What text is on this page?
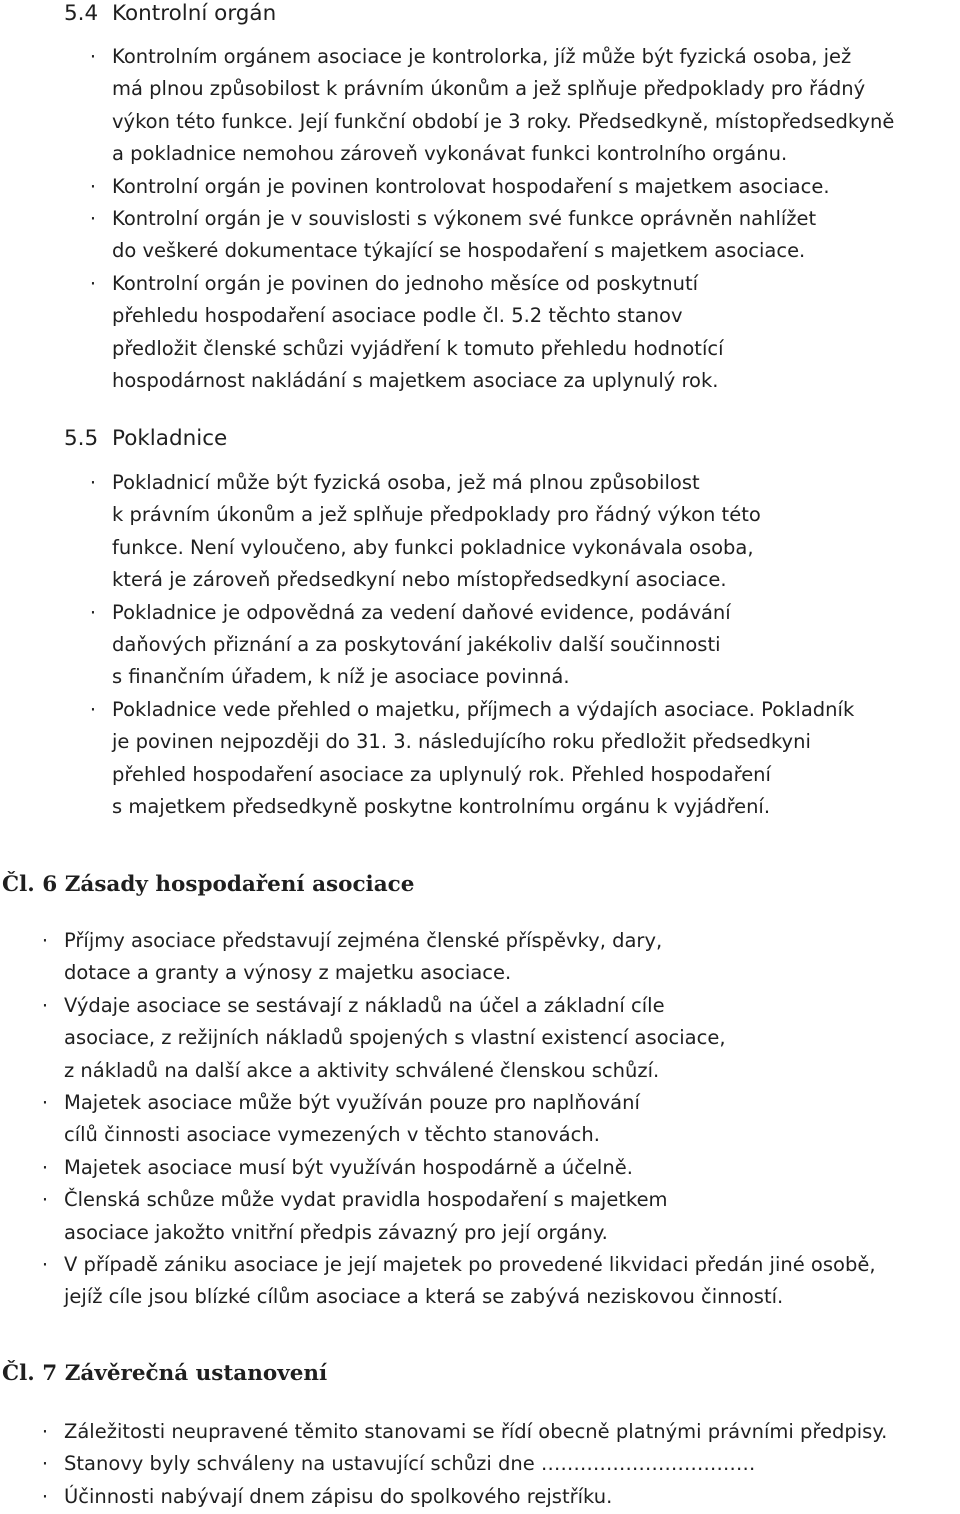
5.4 Kontrolní orgán
· Kontrolním orgánem asociace je kontrolorka, jíž může být fyzická osoba, jež
má plnou způsobilost k právním úkonům a jež splňuje předpoklady pro řádný
výkon této funkce. Její funkční období je 3 roky. Předsedkyně, místopředsedkyně
a pokladnice nemohou zároveň vykonávat funkci kontrolního orgánu.
· Kontrolní orgán je povinen kontrolovat hospodaření s majetkem asociace.
· Kontrolní orgán je v souvislosti s výkonem své funkce oprávněn nahlížet
do veškeré dokumentace týkající se hospodaření s majetkem asociace.
· Kontrolní orgán je povinen do jednoho měsíce od poskytnutí
přehledu hospodaření asociace podle čl. 5.2 těchto stanov
předložit členské schůzi vyjádření k tomuto přehledu hodnotící
hospodárnost nakládání s majetkem asociace za uplynulý rok.
5.5 Pokladnice
· Pokladnicí může být fyzická osoba, jež má plnou způsobilost
k právním úkonům a jež splňuje předpoklady pro řádný výkon této
funkce. Není vyloučeno, aby funkci pokladnice vykonávala osoba,
která je zároveň předsedkyní nebo místopředsedkyní asociace.
· Pokladnice je odpovědná za vedení daňové evidence, podávání
daňových přiznání a za poskytování jakékoliv další součinnosti
s finančním úřadem, k níž je asociace povinná.
· Pokladnice vede přehled o majetku, příjmech a výdajích asociace. Pokladník
je povinen nejpozději do 31. 3. následujícího roku předložit předsedkyni
přehled hospodaření asociace za uplynulý rok. Přehled hospodaření
s majetkem předsedkyně poskytne kontrolnímu orgánu k vyjádření.
Čl. 6 Zásady hospodaření asociace
· Příjmy asociace představují zejména členské příspěvky, dary,
dotace a granty a výnosy z majetku asociace.
· Výdaje asociace se sestávají z nákladů na účel a základní cíle
asociace, z režijních nákladů spojených s vlastní existencí asociace,
z nákladů na další akce a aktivity schválené členskou schůzí.
· Majetek asociace může být využíván pouze pro naplňování
cílů činnosti asociace vymezených v těchto stanovách.
· Majetek asociace musí být využíván hospodárně a účelně.
· Členská schůze může vydat pravidla hospodaření s majetkem
asociace jakožto vnitřní předpis závazný pro její orgány.
· V případě zániku asociace je její majetek po provedené likvidaci předán jiné osobě,
jejíž cíle jsou blízké cílům asociace a která se zabývá neziskovou činností.
Čl. 7 Závěrečná ustanovení
· Záležitosti neupravené těmito stanovami se řídí obecně platnými právními předpisy.
· Stanovy byly schváleny na ustavující schůzi dne ……………………………
· Účinnosti nabývají dnem zápisu do spolkového rejstříku.
